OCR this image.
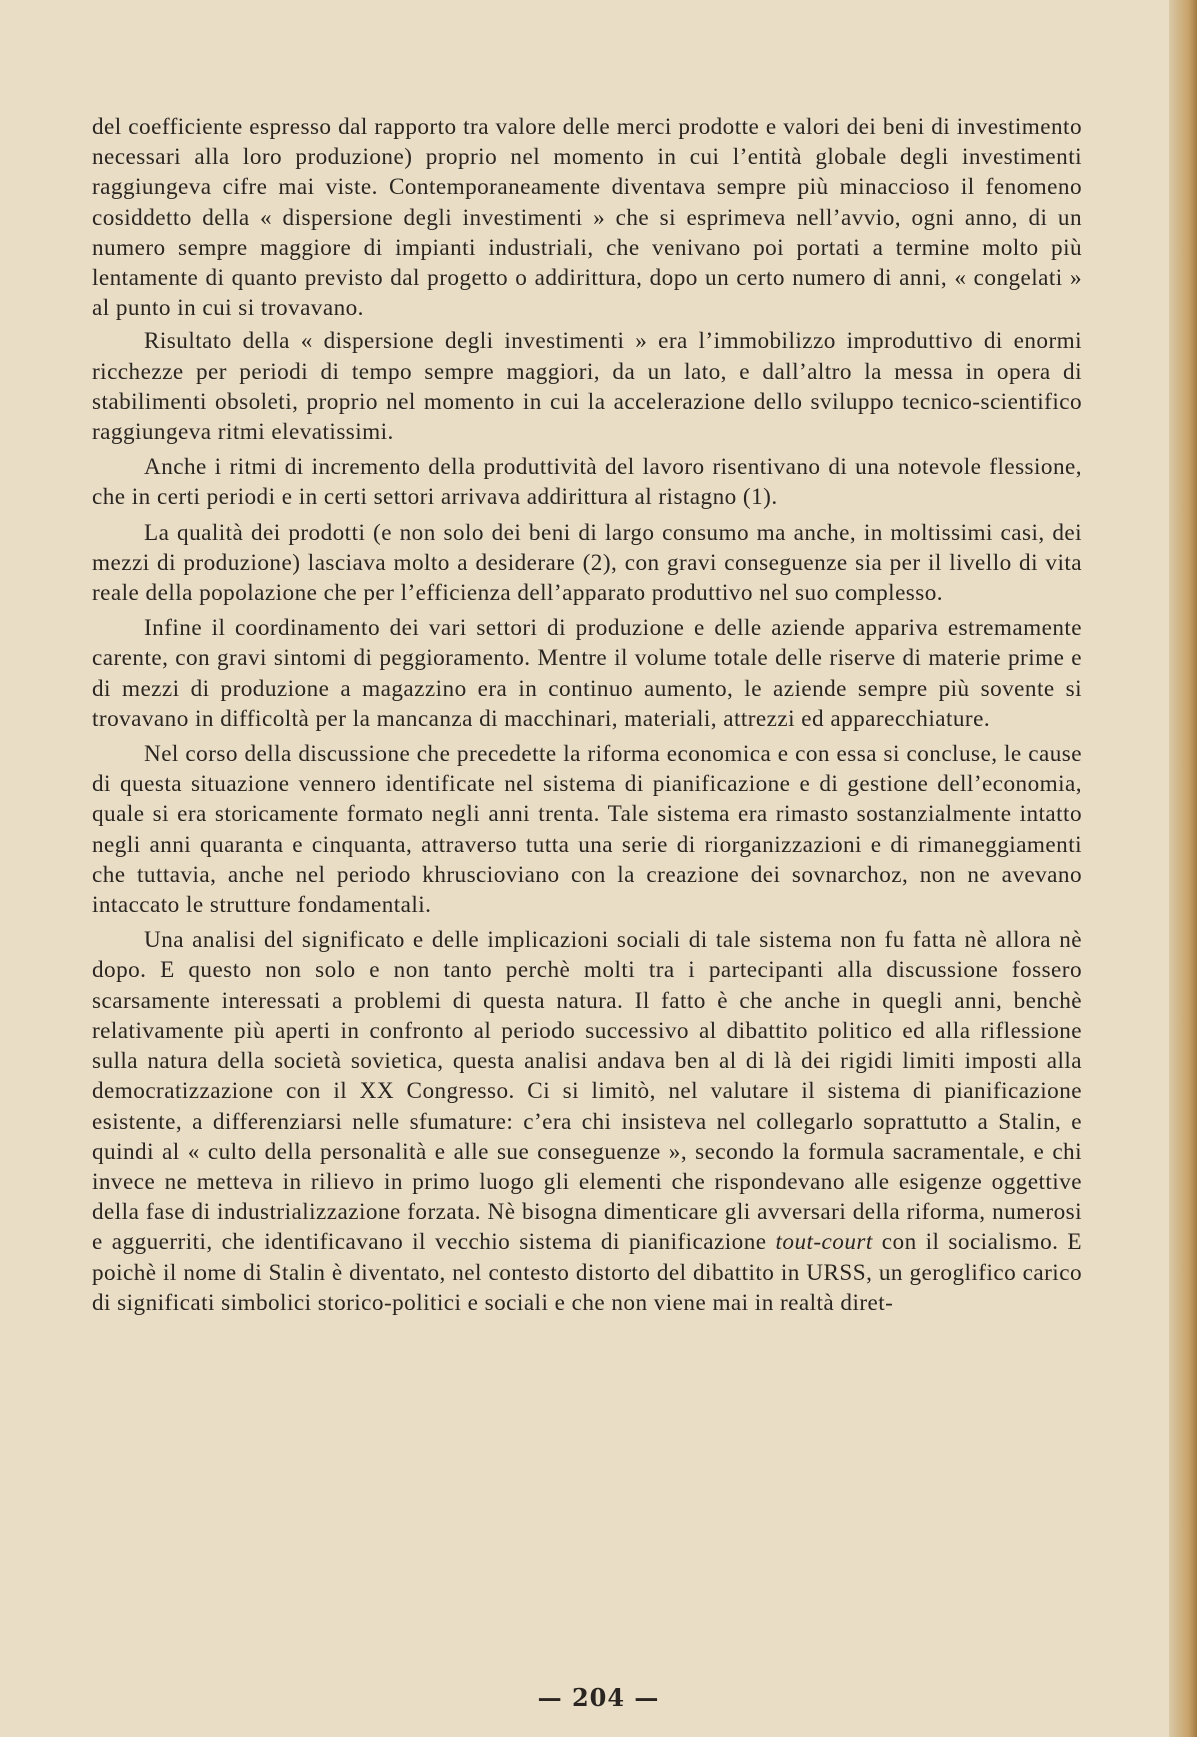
del coefficiente espresso dal rapporto tra valore delle merci prodotte e valori dei beni di investimento necessari alla loro produzione) proprio nel momento in cui l’entità globale degli investimenti raggiungeva cifre mai viste. Contemporaneamente diventava sempre più minaccioso il fenomeno cosiddetto della « dispersione degli investimenti » che si esprimeva nell’avvio, ogni anno, di un numero sempre maggiore di impianti industriali, che venivano poi portati a termine molto più lentamente di quanto previsto dal progetto o addirittura, dopo un certo numero di anni, « congelati » al punto in cui si trovavano.

Risultato della « dispersione degli investimenti » era l’immobilizzo improduttivo di enormi ricchezze per periodi di tempo sempre maggiori, da un lato, e dall’altro la messa in opera di stabilimenti obsoleti, proprio nel momento in cui la accelerazione dello sviluppo tecnico-scientifico raggiungeva ritmi elevatissimi.

Anche i ritmi di incremento della produttività del lavoro risentivano di una notevole flessione, che in certi periodi e in certi settori arrivava addirittura al ristagno (1).

La qualità dei prodotti (e non solo dei beni di largo consumo ma anche, in moltissimi casi, dei mezzi di produzione) lasciava molto a desiderare (2), con gravi conseguenze sia per il livello di vita reale della popolazione che per l’efficienza dell’apparato produttivo nel suo complesso.

Infine il coordinamento dei vari settori di produzione e delle aziende appariva estremamente carente, con gravi sintomi di peggioramento. Mentre il volume totale delle riserve di materie prime e di mezzi di produzione a magazzino era in continuo aumento, le aziende sempre più sovente si trovavano in difficoltà per la mancanza di macchinari, materiali, attrezzi ed apparecchiature.

Nel corso della discussione che precedette la riforma economica e con essa si concluse, le cause di questa situazione vennero identificate nel sistema di pianificazione e di gestione dell’economia, quale si era storicamente formato negli anni trenta. Tale sistema era rimasto sostanzialmente intatto negli anni quaranta e cinquanta, attraverso tutta una serie di riorganizzazioni e di rimaneggiamenti che tuttavia, anche nel periodo khruscioviano con la creazione dei sovnarchoz, non ne avevano intaccato le strutture fondamentali.

Una analisi del significato e delle implicazioni sociali di tale sistema non fu fatta nè allora nè dopo. E questo non solo e non tanto perchè molti tra i partecipanti alla discussione fossero scarsamente interessati a problemi di questa natura. Il fatto è che anche in quegli anni, benchè relativamente più aperti in confronto al periodo successivo al dibattito politico ed alla riflessione sulla natura della società sovietica, questa analisi andava ben al di là dei rigidi limiti imposti alla democratizzazione con il XX Congresso. Ci si limitò, nel valutare il sistema di pianificazione esistente, a differenziarsi nelle sfumature: c’era chi insisteva nel collegarlo soprattutto a Stalin, e quindi al « culto della personalità e alle sue conseguenze », secondo la formula sacramentale, e chi invece ne metteva in rilievo in primo luogo gli elementi che rispondevano alle esigenze oggettive della fase di industrializzazione forzata. Nè bisogna dimenticare gli avversari della riforma, numerosi e agguerriti, che identificavano il vecchio sistema di pianificazione tout-court con il socialismo. E poichè il nome di Stalin è diventato, nel contesto distorto del dibattito in URSS, un geroglifico carico di significati simbolici storico-politici e sociali e che non viene mai in realtà diret-

— 204 —
